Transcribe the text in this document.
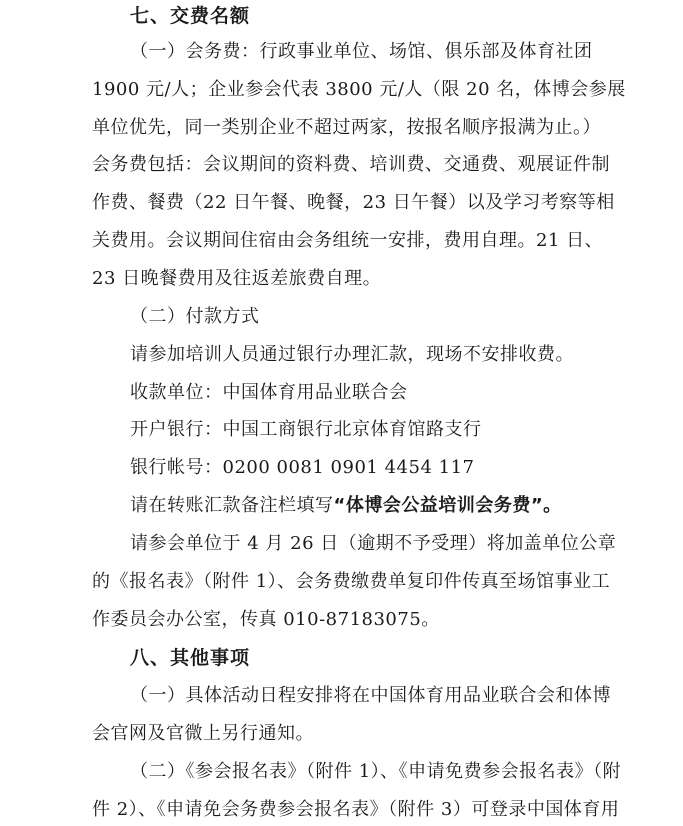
七、交费名额
（一）会务费：行政事业单位、场馆、俱乐部及体育社团
1900 元/人；企业参会代表 3800 元/人（限 20 名，体博会参展
单位优先，同一类别企业不超过两家，按报名顺序报满为止。）
会务费包括：会议期间的资料费、培训费、交通费、观展证件制
作费、餐费（22 日午餐、晚餐，23 日午餐）以及学习考察等相
关费用。会议期间住宿由会务组统一安排，费用自理。21 日、
23 日晚餐费用及往返差旅费自理。
（二）付款方式
请参加培训人员通过银行办理汇款，现场不安排收费。
收款单位：中国体育用品业联合会
开户银行：中国工商银行北京体育馆路支行
银行帐号：0200 0081 0901 4454 117
请在转账汇款备注栏填写“体博会公益培训会务费”。
请参会单位于 4 月 26 日（逾期不予受理）将加盖单位公章
的《报名表》（附件 1）、会务费缴费单复印件传真至场馆事业工
作委员会办公室，传真 010-87183075。
八、其他事项
（一）具体活动日程安排将在中国体育用品业联合会和体博
会官网及官微上另行通知。
（二）《参会报名表》（附件 1）、《申请免费参会报名表》（附
件 2）、《申请免会务费参会报名表》（附件 3）可登录中国体育用
